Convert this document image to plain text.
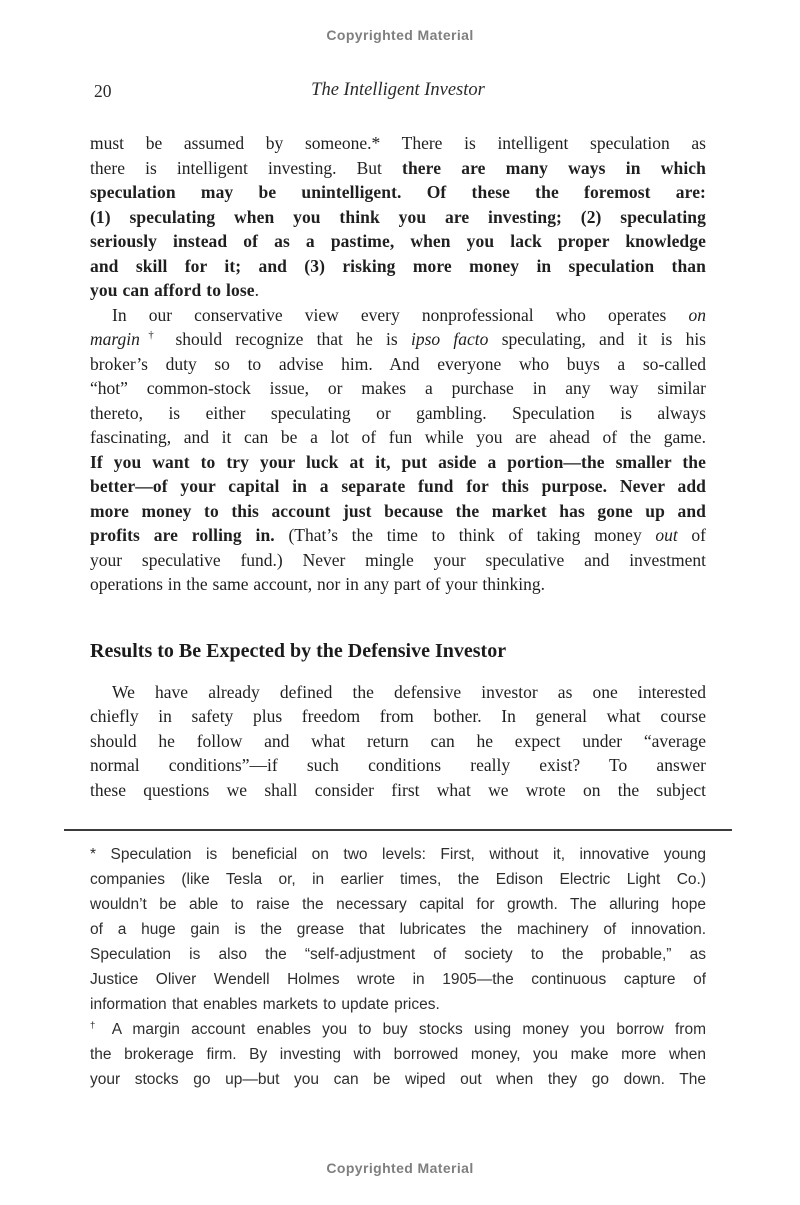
Copyrighted Material
20	The Intelligent Investor
must be assumed by someone.* There is intelligent speculation as
there is intelligent investing. But there are many ways in which
speculation may be unintelligent. Of these the foremost are:
(1) speculating when you think you are investing; (2) speculating
seriously instead of as a pastime, when you lack proper knowledge
and skill for it; and (3) risking more money in speculation than
you can afford to lose.
In our conservative view every nonprofessional who operates on
margin† should recognize that he is ipso facto speculating, and it is his
broker’s duty so to advise him. And everyone who buys a so-called
“hot” common-stock issue, or makes a purchase in any way similar
thereto, is either speculating or gambling. Speculation is always
fascinating, and it can be a lot of fun while you are ahead of the game.
If you want to try your luck at it, put aside a portion—the smaller the
better—of your capital in a separate fund for this purpose. Never add
more money to this account just because the market has gone up and
profits are rolling in. (That’s the time to think of taking money out of
your speculative fund.) Never mingle your speculative and investment
operations in the same account, nor in any part of your thinking.
Results to Be Expected by the Defensive Investor
We have already defined the defensive investor as one interested
chiefly in safety plus freedom from bother. In general what course
should he follow and what return can he expect under “average
normal conditions”—if such conditions really exist? To answer
these questions we shall consider first what we wrote on the subject
* Speculation is beneficial on two levels: First, without it, innovative young
companies (like Tesla or, in earlier times, the Edison Electric Light Co.)
wouldn’t be able to raise the necessary capital for growth. The alluring hope
of a huge gain is the grease that lubricates the machinery of innovation.
Speculation is also the “self-adjustment of society to the probable,” as
Justice Oliver Wendell Holmes wrote in 1905—the continuous capture of
information that enables markets to update prices.
† A margin account enables you to buy stocks using money you borrow from
the brokerage firm. By investing with borrowed money, you make more when
your stocks go up—but you can be wiped out when they go down. The
Copyrighted Material
